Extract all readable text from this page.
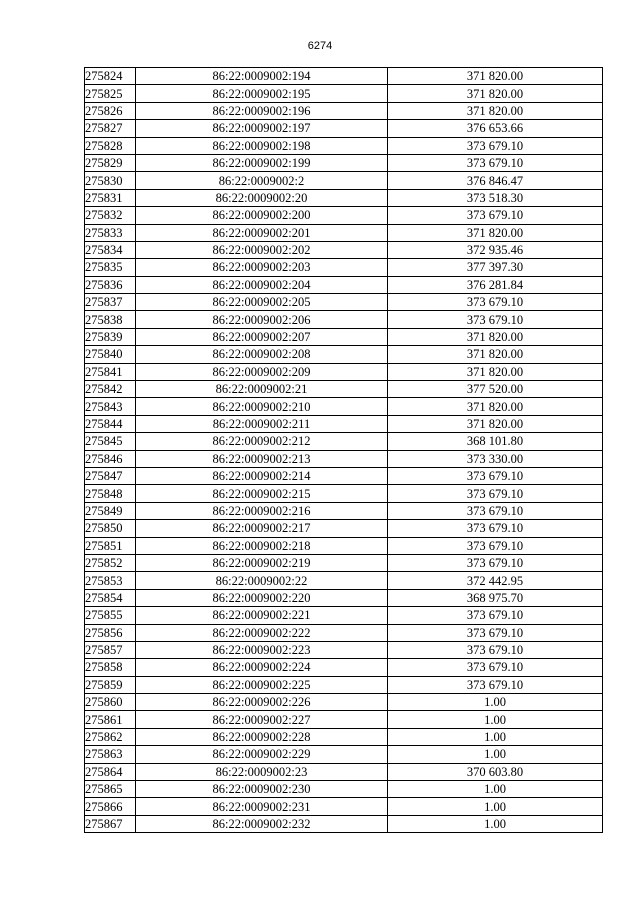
6274
275824	86:22:0009002:194	371 820.00
275825	86:22:0009002:195	371 820.00
275826	86:22:0009002:196	371 820.00
275827	86:22:0009002:197	376 653.66
275828	86:22:0009002:198	373 679.10
275829	86:22:0009002:199	373 679.10
275830	86:22:0009002:2	376 846.47
275831	86:22:0009002:20	373 518.30
275832	86:22:0009002:200	373 679.10
275833	86:22:0009002:201	371 820.00
275834	86:22:0009002:202	372 935.46
275835	86:22:0009002:203	377 397.30
275836	86:22:0009002:204	376 281.84
275837	86:22:0009002:205	373 679.10
275838	86:22:0009002:206	373 679.10
275839	86:22:0009002:207	371 820.00
275840	86:22:0009002:208	371 820.00
275841	86:22:0009002:209	371 820.00
275842	86:22:0009002:21	377 520.00
275843	86:22:0009002:210	371 820.00
275844	86:22:0009002:211	371 820.00
275845	86:22:0009002:212	368 101.80
275846	86:22:0009002:213	373 330.00
275847	86:22:0009002:214	373 679.10
275848	86:22:0009002:215	373 679.10
275849	86:22:0009002:216	373 679.10
275850	86:22:0009002:217	373 679.10
275851	86:22:0009002:218	373 679.10
275852	86:22:0009002:219	373 679.10
275853	86:22:0009002:22	372 442.95
275854	86:22:0009002:220	368 975.70
275855	86:22:0009002:221	373 679.10
275856	86:22:0009002:222	373 679.10
275857	86:22:0009002:223	373 679.10
275858	86:22:0009002:224	373 679.10
275859	86:22:0009002:225	373 679.10
275860	86:22:0009002:226	1.00
275861	86:22:0009002:227	1.00
275862	86:22:0009002:228	1.00
275863	86:22:0009002:229	1.00
275864	86:22:0009002:23	370 603.80
275865	86:22:0009002:230	1.00
275866	86:22:0009002:231	1.00
275867	86:22:0009002:232	1.00
